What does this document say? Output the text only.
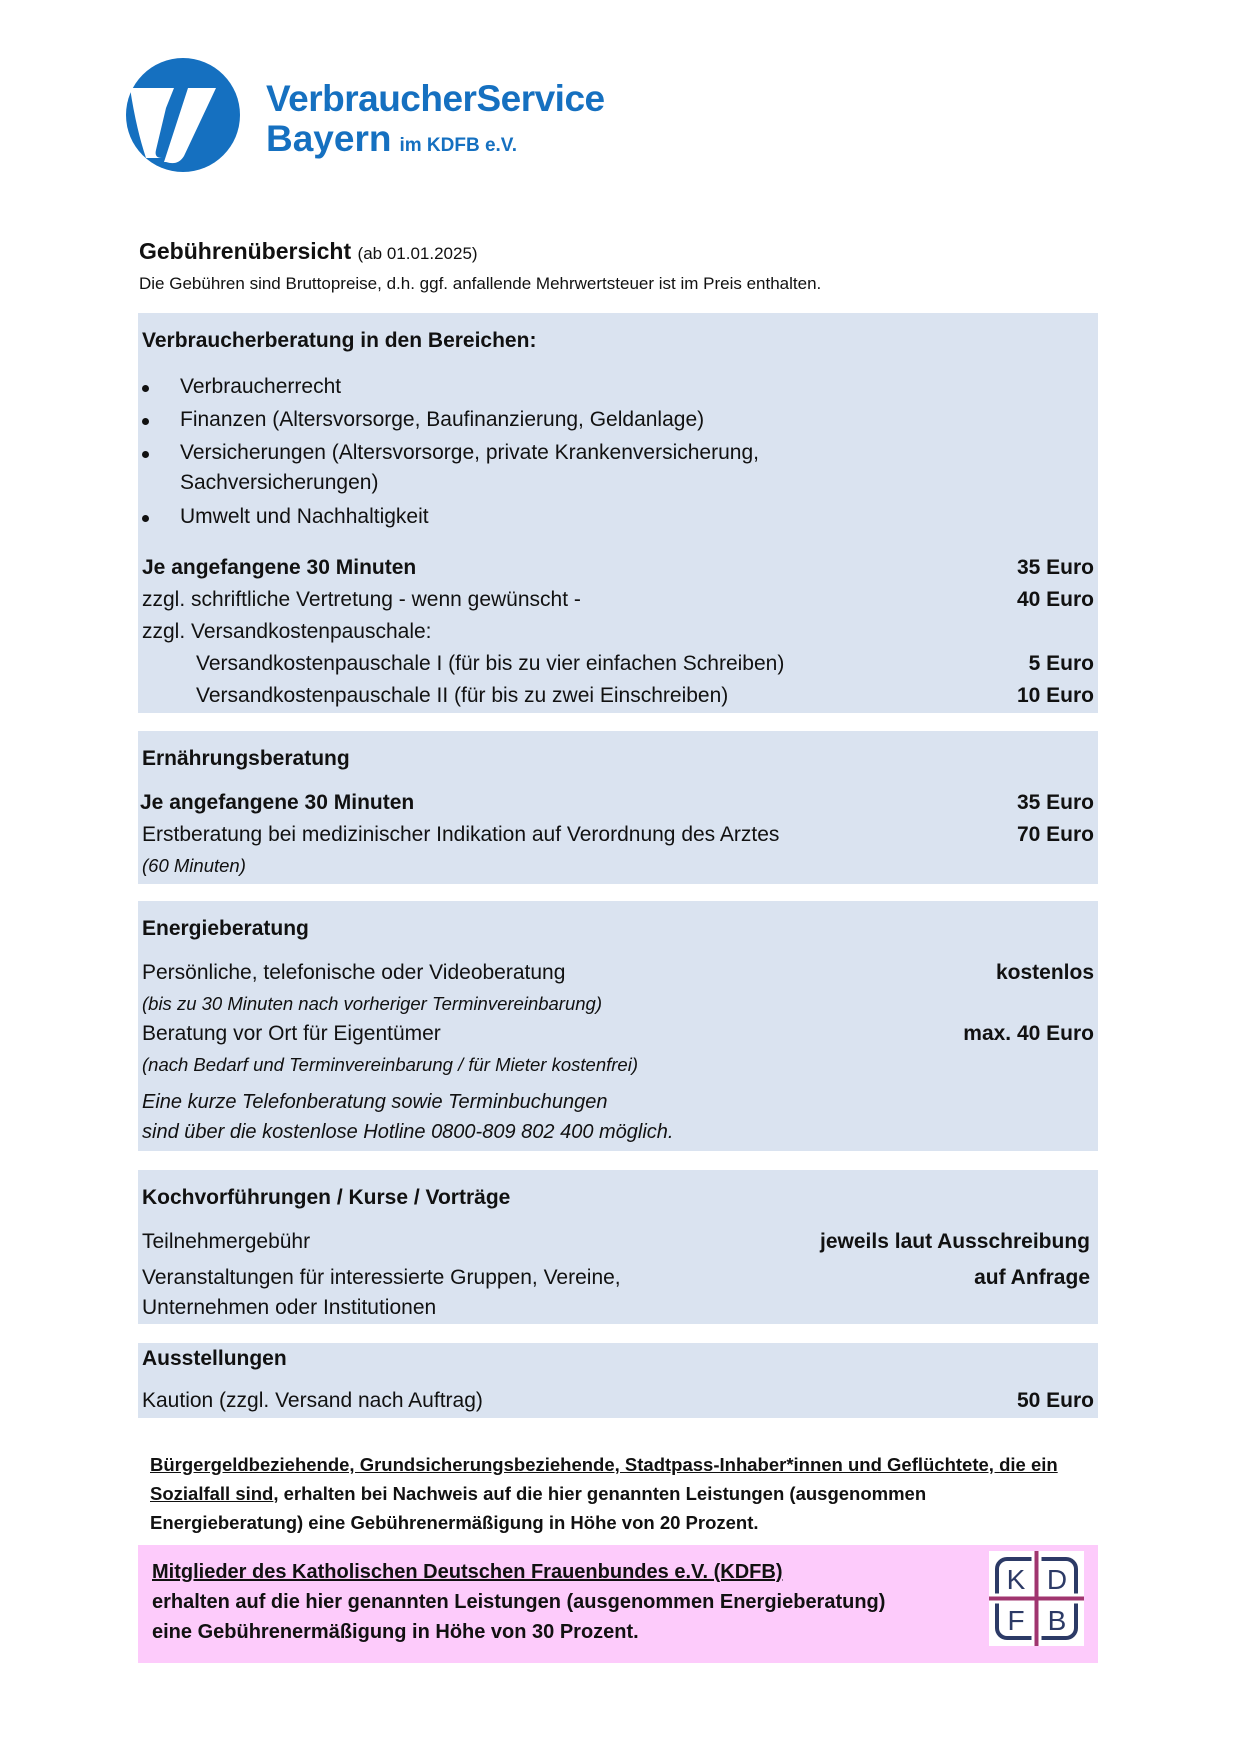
VerbraucherService
Bayern im KDFB e.V.
Gebührenübersicht (ab 01.01.2025)
Die Gebühren sind Bruttopreise, d.h. ggf. anfallende Mehrwertsteuer ist im Preis enthalten.
Verbraucherberatung in den Bereichen:
Verbraucherrecht
Finanzen (Altersvorsorge, Baufinanzierung, Geldanlage)
Versicherungen (Altersvorsorge, private Krankenversicherung,
Sachversicherungen)
Umwelt und Nachhaltigkeit
Je angefangene 30 Minuten	35 Euro
zzgl. schriftliche Vertretung - wenn gewünscht -	40 Euro
zzgl. Versandkostenpauschale:
Versandkostenpauschale I (für bis zu vier einfachen Schreiben)	5 Euro
Versandkostenpauschale II (für bis zu zwei Einschreiben)	10 Euro
Ernährungsberatung
Je angefangene 30 Minuten	35 Euro
Erstberatung bei medizinischer Indikation auf Verordnung des Arztes	70 Euro
(60 Minuten)
Energieberatung
Persönliche, telefonische oder Videoberatung	kostenlos
(bis zu 30 Minuten nach vorheriger Terminvereinbarung)
Beratung vor Ort für Eigentümer	max. 40 Euro
(nach Bedarf und Terminvereinbarung / für Mieter kostenfrei)
Eine kurze Telefonberatung sowie Terminbuchungen
sind über die kostenlose Hotline 0800-809 802 400 möglich.
Kochvorführungen / Kurse / Vorträge
Teilnehmergebühr	jeweils laut Ausschreibung
Veranstaltungen für interessierte Gruppen, Vereine,	auf Anfrage
Unternehmen oder Institutionen
Ausstellungen
Kaution (zzgl. Versand nach Auftrag)	50 Euro
Bürgergeldbeziehende, Grundsicherungsbeziehende, Stadtpass-Inhaber*innen und Geflüchtete, die ein Sozialfall sind, erhalten bei Nachweis auf die hier genannten Leistungen (ausgenommen Energieberatung) eine Gebührenermäßigung in Höhe von 20 Prozent.
Mitglieder des Katholischen Deutschen Frauenbundes e.V. (KDFB)
erhalten auf die hier genannten Leistungen (ausgenommen Energieberatung)
eine Gebührenermäßigung in Höhe von 30 Prozent.
K D
F B
